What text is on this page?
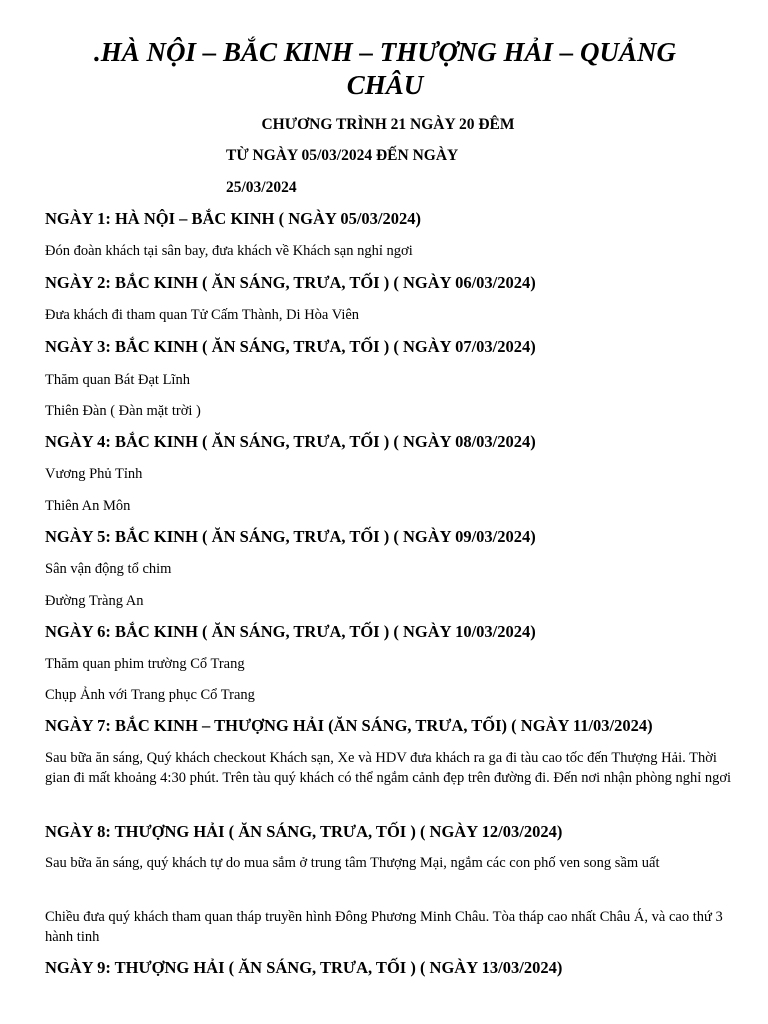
.HÀ NỘI – BẮC KINH – THƯỢNG HẢI – QUẢNG CHÂU
CHƯƠNG TRÌNH 21 NGÀY 20 ĐÊM
TỪ NGÀY 05/03/2024 ĐẾN NGÀY
25/03/2024
NGÀY 1: HÀ NỘI – BẮC KINH ( NGÀY 05/03/2024)
Đón đoàn khách tại sân bay, đưa khách về Khách sạn nghỉ ngơi
NGÀY 2: BẮC KINH ( ĂN SÁNG, TRƯA, TỐI ) ( NGÀY 06/03/2024)
Đưa khách đi tham quan Tử Cấm Thành, Di Hòa Viên
NGÀY 3: BẮC KINH ( ĂN SÁNG, TRƯA, TỐI ) ( NGÀY 07/03/2024)
Thăm quan Bát Đạt Lĩnh
Thiên Đàn ( Đàn mặt trời )
NGÀY 4: BẮC KINH ( ĂN SÁNG, TRƯA, TỐI ) ( NGÀY 08/03/2024)
Vương Phủ Tỉnh
Thiên An Môn
NGÀY 5: BẮC KINH ( ĂN SÁNG, TRƯA, TỐI ) ( NGÀY 09/03/2024)
Sân vận động tổ chim
Đường Tràng An
NGÀY 6: BẮC KINH ( ĂN SÁNG, TRƯA, TỐI ) ( NGÀY 10/03/2024)
Thăm quan phim trường Cổ Trang
Chụp Ảnh với Trang phục Cổ Trang
NGÀY 7: BẮC KINH – THƯỢNG HẢI (ĂN SÁNG, TRƯA, TỐI) ( NGÀY 11/03/2024)
Sau bữa ăn sáng, Quý khách checkout Khách sạn, Xe và HDV đưa khách ra ga đi tàu cao tốc đến Thượng Hải. Thời gian đi mất khoảng 4:30 phút. Trên tàu quý khách có thể ngắm cảnh đẹp trên đường đi. Đến nơi nhận phòng nghỉ ngơi
NGÀY 8: THƯỢNG HẢI ( ĂN SÁNG, TRƯA, TỐI ) ( NGÀY 12/03/2024)
Sau bữa ăn sáng, quý khách tự do mua sắm ở trung tâm Thượng Mại, ngắm các con phố ven song sầm uất
Chiều đưa quý khách tham quan tháp truyền hình Đông Phương Minh Châu. Tòa tháp cao nhất Châu Á, và cao thứ 3 hành tinh
NGÀY 9: THƯỢNG HẢI ( ĂN SÁNG, TRƯA, TỐI ) ( NGÀY 13/03/2024)
